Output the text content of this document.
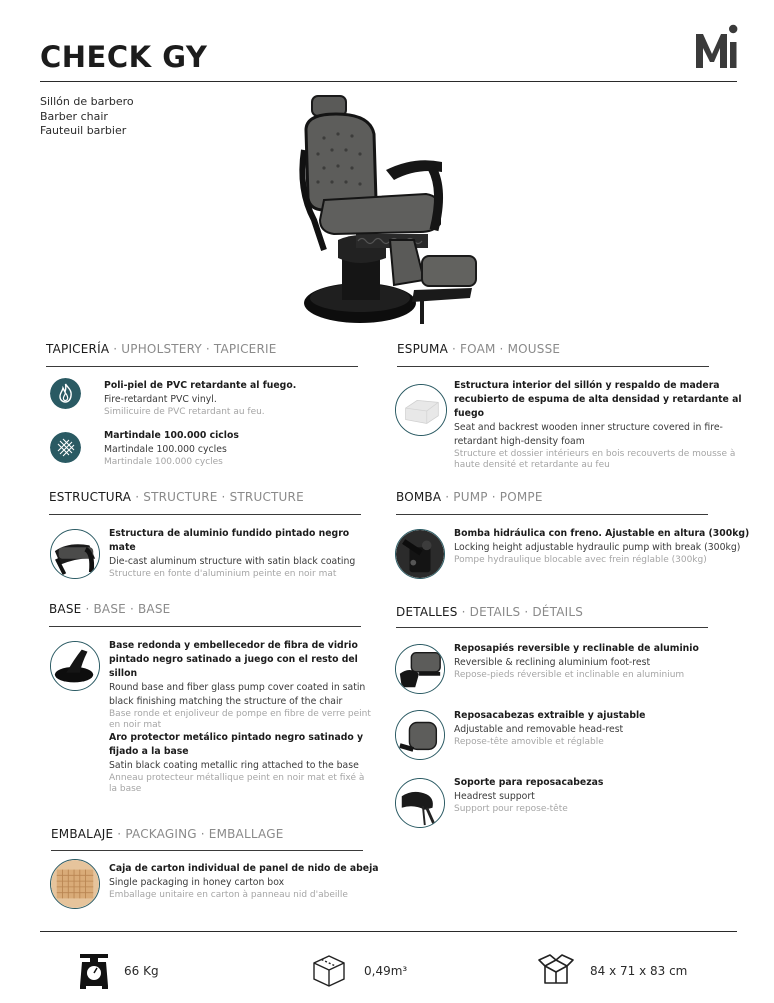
CHECK GY
Sillón de barbero
Barber chair
Fauteuil barbier
TAPICERÍA · UPHOLSTERY · TAPICERIE
Poli-piel de PVC retardante al fuego.
Fire-retardant PVC vinyl.
Similicuire de PVC retardant au feu.
Martindale 100.000 ciclos
Martindale 100.000 cycles
Martindale 100.000 cycles
ESPUMA · FOAM · MOUSSE
Estructura interior del sillón y respaldo de madera recubierto de espuma de alta densidad y retardante al fuego
Seat and backrest wooden inner structure covered in fire-retardant high-density foam
Structure et dossier intérieurs en bois recouverts de mousse à haute densité et retardante au feu
ESTRUCTURA · STRUCTURE · STRUCTURE
Estructura de aluminio fundido pintado negro mate
Die-cast aluminum structure with satin black coating
Structure en fonte d'aluminium peinte en noir mat
BOMBA · PUMP · POMPE
Bomba hidráulica con freno. Ajustable en altura (300kg)
Locking height adjustable hydraulic pump with break (300kg)
Pompe hydraulique blocable avec frein réglable (300kg)
BASE · BASE · BASE
Base redonda y embellecedor de fibra de vidrio pintado negro satinado a juego con el resto del sillon
Round base and fiber glass pump cover coated in satin black finishing matching the structure of the chair
Base ronde et enjoliveur de pompe en fibre de verre peint en noir mat
Aro protector metálico pintado negro satinado y fijado a la base
Satin black coating metallic ring attached to the base
Anneau protecteur métallique peint en noir mat et fixé à la base
DETALLES · DETAILS · DÉTAILS
Reposapiés reversible y reclinable de aluminio
Reversible & reclining aluminium foot-rest
Repose-pieds réversible et inclinable en aluminium
Reposacabezas extraible y ajustable
Adjustable and removable head-rest
Repose-tête amovible et réglable
Soporte para reposacabezas
Headrest support
Support pour repose-tête
EMBALAJE · PACKAGING · EMBALLAGE
Caja de carton individual de panel de nido de abeja
Single packaging in honey carton box
Emballage unitaire en carton à panneau nid d'abeille
66 Kg	0,49m³	84 x 71 x 83 cm
